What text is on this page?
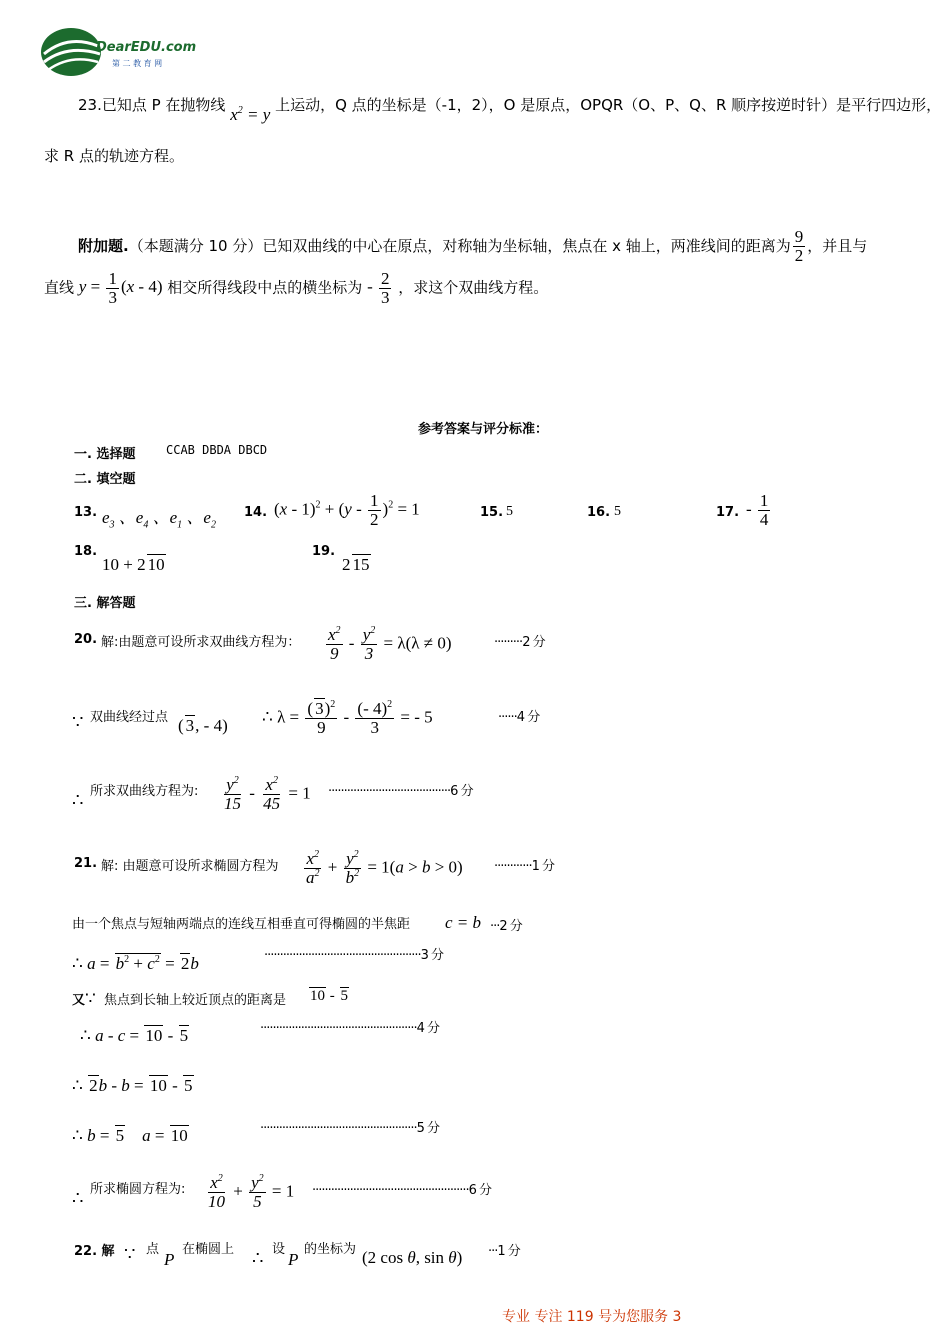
DearEDU.com
第 二 教 育 网
23.已知点 P 在抛物线 $x^2 = y$ 上运动，Q 点的坐标是（-1，2），O 是原点，OPQR（O、P、Q、R 顺序按逆时针）是平行四边形，
求 R 点的轨迹方程。
附加题.（本题满分 10 分）已知双曲线的中心在原点，对称轴为坐标轴，焦点在 x 轴上，两准线间的距离为 $\frac{9}{2}$ ，并且与
直线 $y = \frac{1}{3} (x - 4)$ 相交所得线段中点的横坐标为 - $\frac{2}{3}$ ，求这个双曲线方程。
参考答案与评分标准：
一. 选择题	CCAB DBDA DBCD
二. 填空题
13. $e_3$ 、$e_4$ 、$e_1$ 、$e_2$
14. $(x - 1)^2 + (y - \frac{1}{2} )^2 = 1$	15. 5	16. 5	17. - $\frac{1}{4}$
18.
10 + 2 10
19.
2 15
三. 解答题
20. 解:由题意可设所求双曲线方程为： $\frac{x^2}{9} - \frac{y^2}{3} = \lambda(\lambda \ne 0)$	·········2 分
∵ 双曲线经过点 ( 3, - 4) ∴ $\lambda = \frac{( 3)^2}{9} - \frac{(- 4)^2}{3}$ = - 5	······4 分
∴ 所求双曲线方程为: $\frac{y^2}{15} - \frac{x^2}{45} = 1 \cdot\cdot\cdot\cdot\cdot\cdot\cdot\cdot\cdot\cdot\cdot\cdot\cdot\cdot\cdot\cdot\cdot\cdot\cdot\cdot\cdot\cdot\cdot\cdot\cdot\cdot\cdot\cdot\cdot\cdot\cdot\cdot\cdot\cdot\cdot\cdot\cdot\cdot\cdot 6$ 分
21. 解: 由题意可设所求椭圆方程为 $\frac{x^2}{a^2} + \frac{y^2}{b^2} = 1(a > b > 0) \cdot\cdot\cdot\cdot\cdot\cdot\cdot\cdot\cdot\cdot\cdot\cdot 1$ 分
由一个焦点与短轴两端点的连线互相垂直可得椭圆的半焦距 c = b ···2 分
∴ $a = b^2 + c^2 = 2b$	··················································3 分
又∵ 焦点到长轴上较近顶点的距离是 10 - 5
∴ a - c = 10 - 5	··················································4 分
∴ 2b - b = 10 - 5
∴ b = 5 a = 10	··················································5 分
∴ 所求椭圆方程为: $\frac{x^2}{10} + \frac{y^2}{5} = 1 \cdot\cdot\cdot\cdot\cdot\cdot\cdot\cdot\cdot\cdot\cdot\cdot\cdot\cdot\cdot\cdot\cdot\cdot\cdot\cdot\cdot\cdot\cdot\cdot\cdot\cdot\cdot\cdot\cdot\cdot\cdot\cdot\cdot\cdot\cdot\cdot\cdot\cdot\cdot\cdot\cdot\cdot\cdot\cdot\cdot\cdot\cdot\cdot\cdot\cdot 6$ 分
22. 解 ∵ 点
P
在椭圆上 ∴ 设
P
的坐标为 (2 cos θ, sin θ) ···1 分
专业 专注 119 号为您服务 3
